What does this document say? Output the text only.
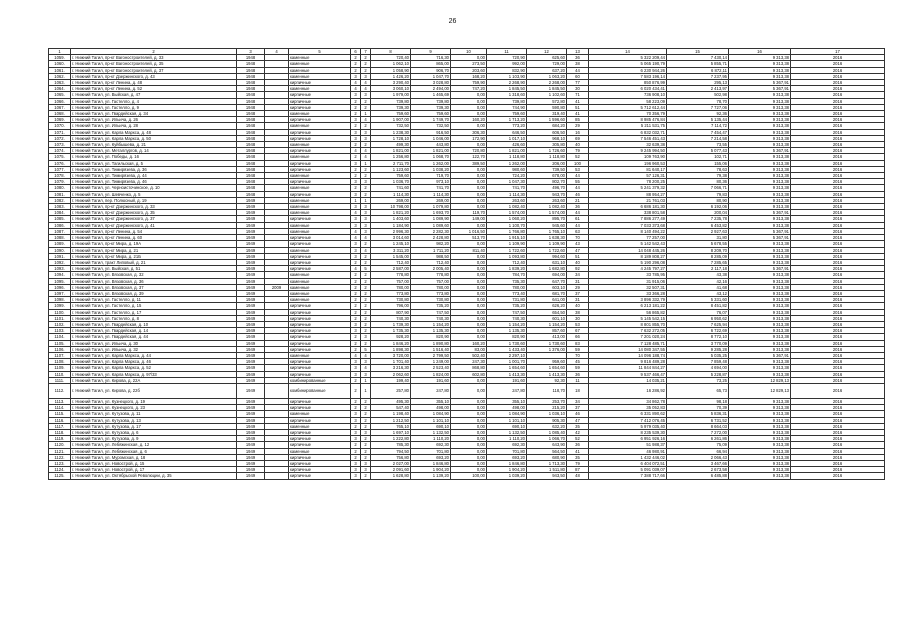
26
1	2	3	4	5	6	7	8	9	10	11	12	13	14	15	16	17
1059.	г. Нижний Тагил, пр-кт Вагоностроителей, д. 33	1948		каменные	2	2	720,40	716,30	0,00	720,90	625,60	36	5 322 209,44	7 430,14	9 313,38	2016
1060.	г. Нижний Тагил, пр-кт Вагоностроителей, д. 35	1948		каменные	2	2	1 062,10	865,00	273,50	992,00	729,00	38	5 065 190,79	5 855,71	9 313,38	2016
1061.	г. Нижний Тагил, пр-кт Вагоностроителей, д. 37	1948		каменные	2	2	1 058,90	906,70	203,60	832,90	637,20	44	6 230 944,26	6 872,11	9 313,38	2016
1062.	г. Нижний Тагил, пр-кт Дзержинского, д. 43	1948		каменные	3	3	1 426,20	1 047,70	168,20	1 103,90	1 063,20	60	7 583 196,14	7 237,95	9 313,38	2016
1063.	г. Нижний Тагил, пр-кт Ленина, д. 48	1948		кирпичные	4	4	3 290,40	3 028,80	759,90	2 268,90	2 268,00	77	850 876,99	295,13	5 367,91	2016
1064.	г. Нижний Тагил, пр-кт Ленина, д. 52	1948		каменные	4	4	3 060,10	2 494,00	747,20	1 845,50	1 845,50	30	6 020 434,41	2 413,97	5 367,91	2016
1065.	г. Нижний Тагил, ул. Выйская, д. 47	1948		кирпичные	3	3	1 979,00	1 465,69	0,00	1 318,60	1 102,60	71	736 908,10	502,98	9 313,38	2016
1066.	г. Нижний Тагил, ул. Гастелло, д. 4	1948		кирпичные	2	2	739,80	739,80	0,00	739,80	572,80	41	58 223,09	78,70	9 313,38	2016
1067.	г. Нижний Тагил, ул. Гастелло, д. 9	1948		кирпичные	2	2	739,30	739,30	0,00	744,90	590,80	51	5 712 612,44	7 727,06	9 313,38	2016
1068.	г. Нижний Тагил, ул. Гвардейская, д. 34	1948		каменные	2	1	759,60	759,60	0,00	759,60	319,40	41	70 356,79	92,36	9 313,38	2016
1069.	г. Нижний Тагил, ул. Ильича, д. 26	1948		кирпичные	3	4	1 907,00	1 749,70	160,20	1 713,20	1 596,60	85	8 985 476,84	5 135,44	9 313,38	2016
1070.	г. Нижний Тагил, ул. Ильича, д. 28	1948		каменные	2	2	732,50	732,50	0,00	773,20	684,20	29	5 211 531,75	7 114,72	9 313,38	2016
1071.	г. Нижний Тагил, ул. Карла Маркса, д. 48	1948		кирпичные	3	3	1 238,30	916,50	306,30	646,50	606,50	16	6 832 032,71	7 454,47	9 313,38	2016
1072.	г. Нижний Тагил, ул. Карла Маркса, д. 50	1948		кирпичные	3	3	1 728,10	1 046,00	172,90	1 017,10	968,10	69	7 546 451,43	7 214,58	9 313,38	2016
1073.	г. Нижний Тагил, ул. Куйбышева, д. 21	1948		каменные	2	2	499,30	443,80	0,00	426,60	305,80	40	32 639,38	73,55	9 313,38	2016
1074.	г. Нижний Тагил, ул. Металлургов, д. 14	1948		кирпичные	4	4	1 821,00	1 821,00	720,80	1 821,00	1 726,60	79	9 245 994,50	5 077,43	5 367,91	2016
1075.	г. Нижний Тагил, ул. Победы, д. 16	1948		каменные	2	4	1 256,80	1 068,70	122,70	1 118,80	1 118,80	52	109 763,90	102,71	9 313,38	2016
1076.	г. Нижний Тагил, ул. Тагильская, д. 5	1948		кирпичные	3	1	2 711,70	1 262,00	389,50	1 262,00	206,00	100	196 960,53	155,06	9 313,38	2016
1077.	г. Нижний Тагил, ул. Тимирязева, д. 36	1948		кирпичные	2	2	1 123,60	1 038,20	0,00	980,60	739,50	53	81 640,17	78,63	9 313,38	2016
1078.	г. Нижний Тагил, ул. Тимирязева, д. 44	1948		каменные	2	2	759,60	719,70	0,00	724,20	678,00	44	57 126,31	79,38	9 313,38	2016
1079.	г. Нижний Тагил, ул. Тимирязева, д. 46	1948		кирпичные	3	3	1 036,70	973,10	0,00	1 047,30	802,70	55	78 200,25	80,36	9 313,38	2016
1080.	г. Нижний Тагил, ул. Черноисточинское, д. 10	1948		каменные	2	2	741,60	741,70	0,00	741,70	496,70	44	5 241 379,32	7 066,71	9 313,38	2016
1081.	г. Нижний Тагил, ул. Шевченко, д. 5	1948		кирпичные	3	2	1 114,30	1 114,30	0,00	1 114,30	943,70	46	88 954,27	79,83	9 313,38	2016
1082.	г. Нижний Тагил, пер. Полюсный, д. 19	1949		каменные	1	1	269,00	269,00	0,00	263,60	263,60	21	21 761,03	80,90	9 313,38	2016
1083.	г. Нижний Тагил, пр-кт Дзержинского, д. 33	1949		каменные	3	3	10 798,00	1 079,80	0,00	1 082,40	1 082,40	36	6 686 181,30	6 192,06	9 313,38	2016
1084.	г. Нижний Тагил, пр-кт Дзержинского, д. 35	1949		каменные	4	3	1 821,20	1 693,70	119,70	1 574,00	1 574,00	44	338 801,58	200,04	5 367,91	2016
1085.	г. Нижний Тагил, пр-кт Дзержинского, д. 37	1949		кирпичные	3	3	1 403,60	1 089,90	149,00	1 060,20	895,70	61	7 886 277,49	7 235,78	9 313,38	2016
1086.	г. Нижний Тагил, пр-кт Дзержинского, д. 41	1949		каменные	3	3	1 184,90	1 089,60	0,00	1 100,70	945,60	44	7 033 373,68	6 453,82	9 313,38	2016
1087.	г. Нижний Тагил, пр-кт Ленина, д. 54	1949		каменные	4	3	2 996,30	2 282,30	1 016,50	1 766,80	1 765,10	63	8 140 494,22	2 927,63	5 367,91	2016
1088.	г. Нижний Тагил, пр-кт Ленина, д. 60	1949		кирпичные	4	4	3 014,60	2 428,80	513,70	1 915,10	1 638,30	70	77 257,00	31,80	5 367,91	2016
1089.	г. Нижний Тагил, пр-кт Мира, д. 19А	1949		кирпичные	3	2	1 245,10	982,20	0,00	1 109,90	1 109,90	43	5 142 542,43	5 678,55	9 313,38	2016
1090.	г. Нижний Тагил, пр-кт Мира, д. 21	1949		каменные	3	4	3 311,20	1 711,20	811,40	1 722,60	1 722,60	47	14 048 445,26	8 209,70	9 313,38	2016
1091.	г. Нижний Тагил, пр-кт Мира, д. 21Б	1949		кирпичные	3	2	1 545,00	988,50	0,00	1 093,80	994,60	51	8 189 808,27	8 285,09	9 313,38	2016
1092.	г. Нижний Тагил, тракт Липовый, д. 21	1949		кирпичные	2	2	712,40	712,40	0,00	712,40	631,10	40	5 190 296,08	7 285,65	9 313,38	2016
1093.	г. Нижний Тагил, ул. Выйская, д. 51	1949		кирпичные	4	5	2 587,00	2 005,40	0,00	1 839,20	1 682,80	92	4 245 797,27	2 117,18	5 367,91	2016
1094.	г. Нижний Тагил, ул. Вязовская, д. 32	1949		каменные	2	2	778,80	778,80	0,00	784,70	694,00	34	33 785,95	43,38	9 313,38	2016
1095.	г. Нижний Тагил, ул. Вязовская, д. 36	1949		каменные	2	2	757,00	757,00	0,00	735,30	647,70	31	31 915,06	42,16	9 313,38	2016
1096.	г. Нижний Тагил, ул. Вязовская, д. 37	1949	2009	каменные	2	2	780,00	780,00	0,00	780,00	603,10	29	32 507,31	41,68	9 313,38	2016
1097.	г. Нижний Тагил, ул. Вязовская, д. 39	1949		каменные	2	2	773,80	773,80	0,00	773,40	681,70	37	33 366,28	43,12	9 313,38	2016
1098.	г. Нижний Тагил, ул. Гастелло, д. 11	1949		каменные	2	2	730,80	730,80	0,00	731,80	641,00	31	3 896 332,79	5 331,60	9 313,38	2016
1099.	г. Нижний Тагил, ул. Гастелло, д. 15	1949		кирпичные	2	2	796,00	735,20	0,00	735,20	626,20	40	6 213 181,22	8 451,82	9 313,38	2016
1100.	г. Нижний Тагил, ул. Гастелло, д. 17	1949		кирпичные	2	2	807,90	747,50	0,00	747,50	654,50	38	56 865,82	76,07	9 313,38	2016
1101.	г. Нижний Тагил, ул. Гастелло, д. 8	1949		кирпичные	2	2	740,30	740,30	0,00	740,30	601,10	30	5 145 542,15	6 950,62	9 313,38	2016
1102.	г. Нижний Тагил, ул. Гвардейская, д. 10	1949		кирпичные	3	2	1 739,30	1 154,20	0,00	1 154,20	1 154,20	53	8 801 855,70	7 625,94	9 313,38	2016
1103.	г. Нижний Тагил, ул. Гвардейская, д. 14	1949		кирпичные	3	2	1 735,30	1 135,30	0,00	1 135,30	857,60	67	7 632 272,05	6 722,69	9 313,38	2016
1104.	г. Нижний Тагил, ул. Гвардейская, д. 44	1949		кирпичные	2	3	928,20	820,90	0,00	820,90	413,00	66	7 201 020,24	8 772,10	9 313,38	2016
1105.	г. Нижний Тагил, ул. Ильича, д. 30	1949		кирпичные	2	2	1 846,20	1 890,80	160,20	1 730,60	1 730,60	83	7 128 485,71	3 770,09	9 313,38	2016
1106.	г. Нижний Тагил, ул. Ильича, д. 32	1949		кирпичные	2	5	1 898,30	1 516,40	83,00	1 433,40	1 376,00	59	14 080 347,55	9 285,28	9 313,38	2016
1107.	г. Нижний Тагил, ул. Карла Маркса, д. 44	1949		каменные	4	4	3 720,00	2 799,50	502,40	2 297,10		70	14 096 188,74	5 035,25	5 367,91	2016
1108.	г. Нижний Тагил, ул. Карла Маркса, д. 46	1949		кирпичные	3	3	1 701,40	1 249,00	247,30	1 001,70	959,60	45	9 816 489,28	7 859,48	9 313,38	2016
1109.	г. Нижний Тагил, ул. Карла Маркса, д. 52	1949		кирпичные	3	4	3 216,30	2 523,40	868,80	1 654,60	1 654,60	59	11 844 844,27	4 694,00	9 313,38	2016
1110.	г. Нижний Тагил, ул. Карла Маркса, д. 97/33	1949		кирпичные	3	3	2 062,60	1 824,00	602,80	1 413,30	1 413,30	36	9 537 466,47	5 228,87	9 313,38	2016
1111.	г. Нижний Тагил, ул. Кирова, д. 22А	1949		комбинированные	2	1	199,40	191,60	0,00	191,60	92,30	11	14 035,21	73,25	12 829,13	2016
1112.	г. Нижний Тагил, ул. Кирова, д. 22б	1949		комбинированные	2	1	257,80	247,80	0,00	247,80	118,70	18	16 286,92	65,73	12 829,13	2016
1113.	г. Нижний Тагил, ул. Кузнецкого, д. 19	1949		кирпичные	2	2	495,30	355,10	0,00	355,10	253,70	34	34 862,78	98,18	9 313,38	2016
1114.	г. Нижний Тагил, ул. Кузнецкого, д. 23	1949		кирпичные	2	2	547,40	498,00	0,00	498,00	215,20	37	35 052,83	70,39	9 313,38	2016
1115.	г. Нижний Тагил, ул. Кутузова, д. 11	1949		каменные	3	2	1 198,40	1 084,90	0,00	1 084,90	1 036,10	46	6 331 890,62	5 836,31	9 313,38	2016
1116.	г. Нижний Тагил, ул. Кутузова, д. 13	1949		кирпичные	3	2	1 212,50	1 101,10	0,00	1 101,10	905,30	47	7 412 076,45	6 731,52	9 313,38	2016
1117.	г. Нижний Тагил, ул. Кутузова, д. 17	1949		каменные	2	2	765,10	690,10	0,00	690,10	632,20	35	5 979 035,40	8 664,03	9 313,38	2016
1118.	г. Нижний Тагил, ул. Кутузова, д. 6	1949		кирпичные	3	3	1 697,10	1 132,50	0,00	1 132,50	1 085,40	42	8 235 539,30	7 272,00	9 313,38	2016
1119.	г. Нижний Тагил, ул. Кутузова, д. 9	1949		кирпичные	3	2	1 222,80	1 110,20	0,00	1 110,20	1 066,70	52	6 951 926,16	6 261,86	9 313,38	2016
1120.	г. Нижний Тагил, ул. Лебяжинская, д. 12	1949		кирпичные	2	2	785,30	692,30	0,00	692,30	643,90	36	51 988,37	75,09	9 313,38	2016
1121.	г. Нижний Тагил, ул. Лебяжинская, д. 6	1949		каменные	2	2	794,50	701,80	0,00	701,80	564,50	41	46 980,91	66,94	9 313,38	2016
1122.	г. Нижний Тагил, ул. Муромская, д. 18	1949		кирпичные	2	2	756,80	693,20	0,00	693,20	680,90	35	1 432 446,02	2 066,43	9 313,38	2016
1123.	г. Нижний Тагил, ул. Новострой, д. 15	1949		кирпичные	3	3	2 027,00	1 846,80	0,00	1 846,80	1 713,30	79	6 404 072,51	3 467,66	9 313,38	2016
1124.	г. Нижний Тагил, ул. Новострой, д. 17	1949		кирпичные	3	3	2 091,60	1 904,20	0,00	1 904,20	1 511,80	87	5 091 039,07	2 673,58	9 313,38	2016
1125.	г. Нижний Тагил, ул. Октябрьской Революции, д. 35	1949		кирпичные	3	2	1 628,80	1 139,20	100,00	1 039,20	943,50	48	7 388 717,66	6 485,88	9 313,38	2016
